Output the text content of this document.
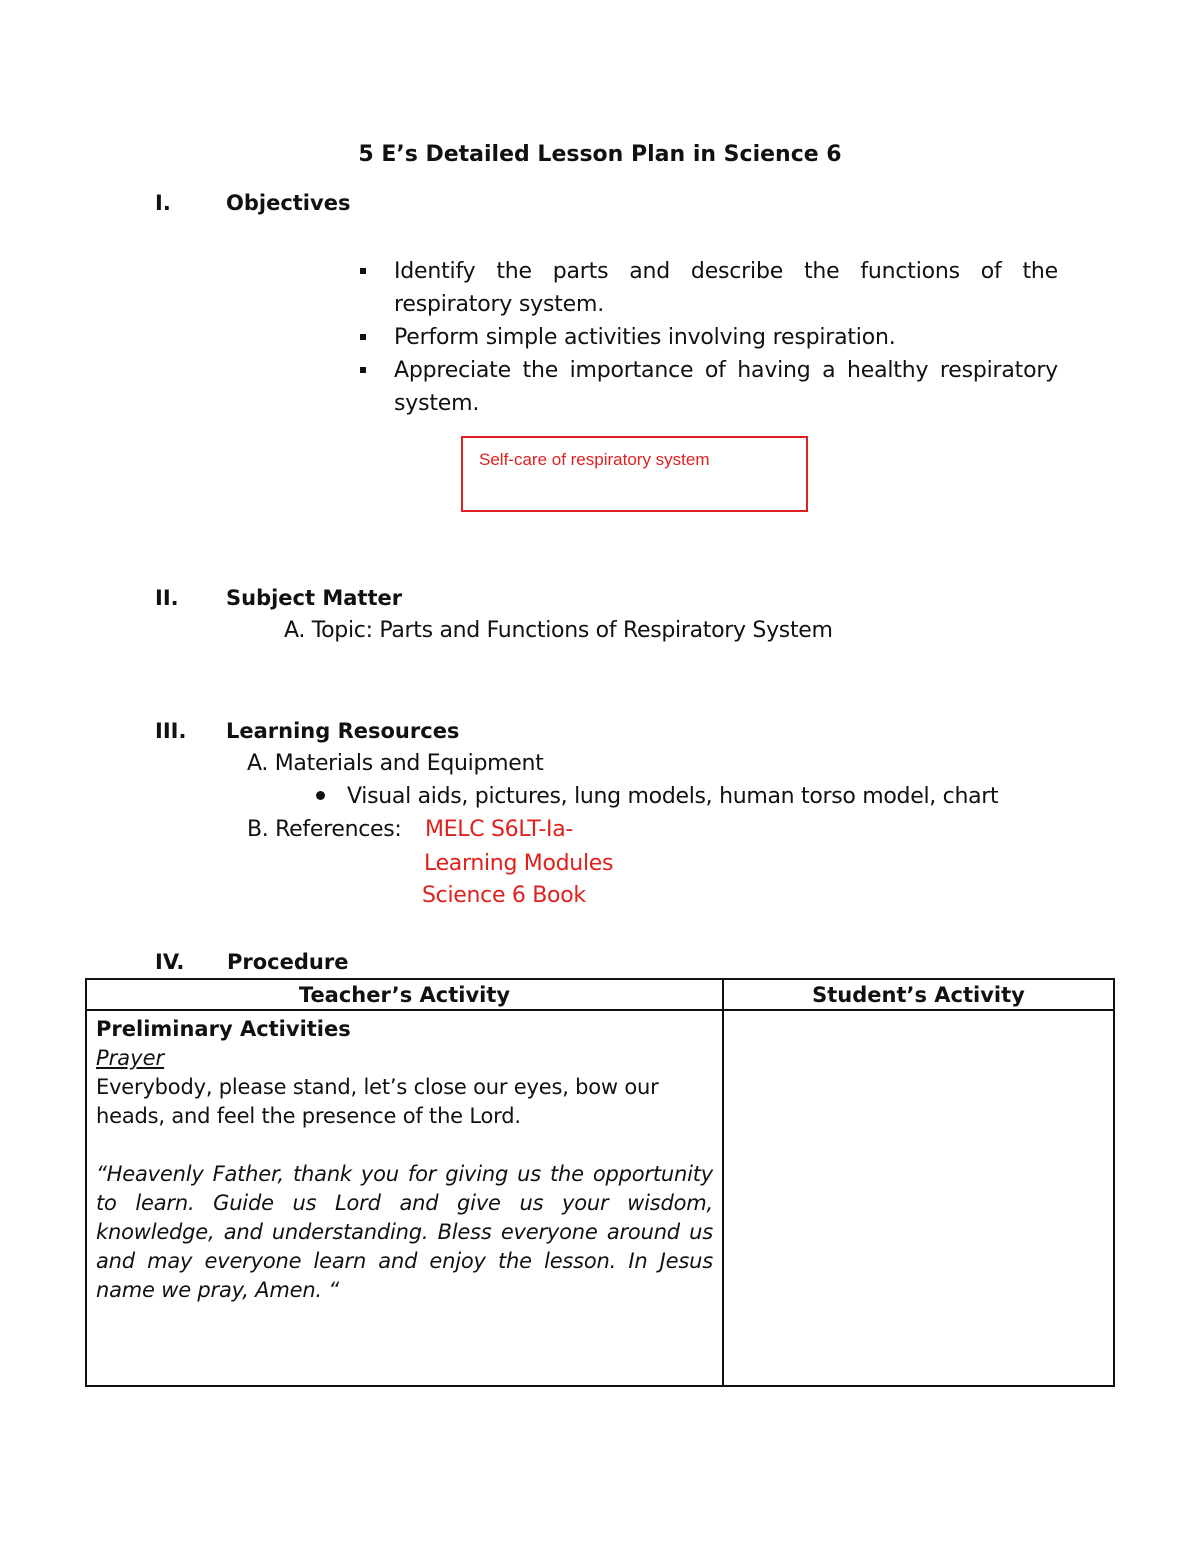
5 E’s Detailed Lesson Plan in Science 6
I.	Objectives
Identify the parts and describe the functions of the respiratory system.
Perform simple activities involving respiration.
Appreciate the importance of having a healthy respiratory system.
Self-care of respiratory system
II. Subject Matter
A. Topic: Parts and Functions of Respiratory System
III. Learning Resources
A. Materials and Equipment
Visual aids, pictures, lung models, human torso model, chart
B. References: MELC S6LT-Ia-
Learning Modules
Science 6 Book
IV. Procedure
Teacher’s Activity	Student’s Activity

Preliminary Activities
Prayer
Everybody, please stand, let’s close our eyes, bow our heads, and feel the presence of the Lord.
“Heavenly Father, thank you for giving us the opportunity to learn. Guide us Lord and give us your wisdom, knowledge, and understanding. Bless everyone around us and may everyone learn and enjoy the lesson. In Jesus name we pray, Amen. “	
